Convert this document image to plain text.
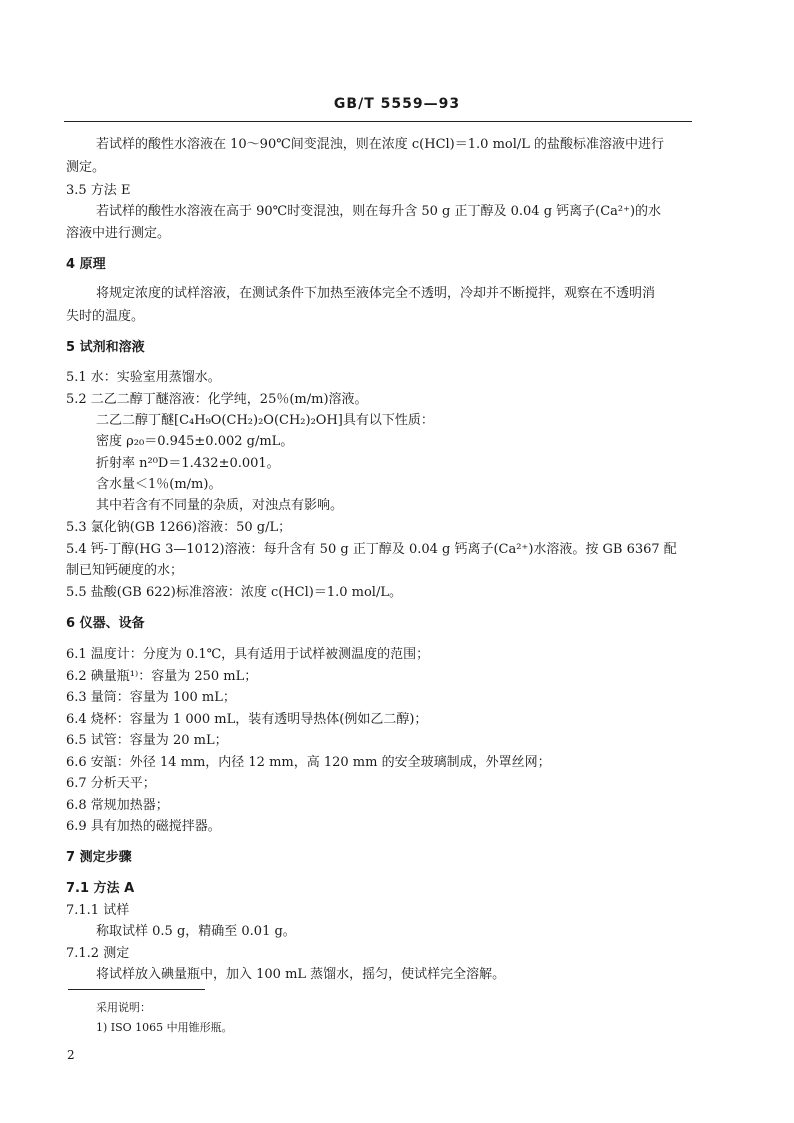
GB/T 5559—93
若试样的酸性水溶液在 10～90℃间变混浊，则在浓度 c(HCl)＝1.0 mol/L 的盐酸标准溶液中进行
测定。
3.5 方法 E
若试样的酸性水溶液在高于 90℃时变混浊，则在每升含 50 g 正丁醇及 0.04 g 钙离子(Ca²⁺)的水
溶液中进行测定。
4 原理
将规定浓度的试样溶液，在测试条件下加热至液体完全不透明，冷却并不断搅拌，观察在不透明消
失时的温度。
5 试剂和溶液
5.1 水：实验室用蒸馏水。
5.2 二乙二醇丁醚溶液：化学纯，25％(m/m)溶液。
二乙二醇丁醚[C₄H₉O(CH₂)₂O(CH₂)₂OH]具有以下性质：
密度 ρ₂₀＝0.945±0.002 g/mL。
折射率 n²⁰D＝1.432±0.001。
含水量＜1％(m/m)。
其中若含有不同量的杂质，对浊点有影响。
5.3 氯化钠(GB 1266)溶液：50 g/L；
5.4 钙-丁醇(HG 3—1012)溶液：每升含有 50 g 正丁醇及 0.04 g 钙离子(Ca²⁺)水溶液。按 GB 6367 配
制已知钙硬度的水；
5.5 盐酸(GB 622)标准溶液：浓度 c(HCl)＝1.0 mol/L。
6 仪器、设备
6.1 温度计：分度为 0.1℃，具有适用于试样被测温度的范围；
6.2 碘量瓶¹⁾：容量为 250 mL；
6.3 量筒：容量为 100 mL；
6.4 烧杯：容量为 1 000 mL，装有透明导热体(例如乙二醇)；
6.5 试管：容量为 20 mL；
6.6 安瓿：外径 14 mm，内径 12 mm，高 120 mm 的安全玻璃制成，外罩丝网；
6.7 分析天平；
6.8 常规加热器；
6.9 具有加热的磁搅拌器。
7 测定步骤
7.1 方法 A
7.1.1 试样
称取试样 0.5 g，精确至 0.01 g。
7.1.2 测定
将试样放入碘量瓶中，加入 100 mL 蒸馏水，摇匀，使试样完全溶解。
采用说明：
1) ISO 1065 中用锥形瓶。
2
